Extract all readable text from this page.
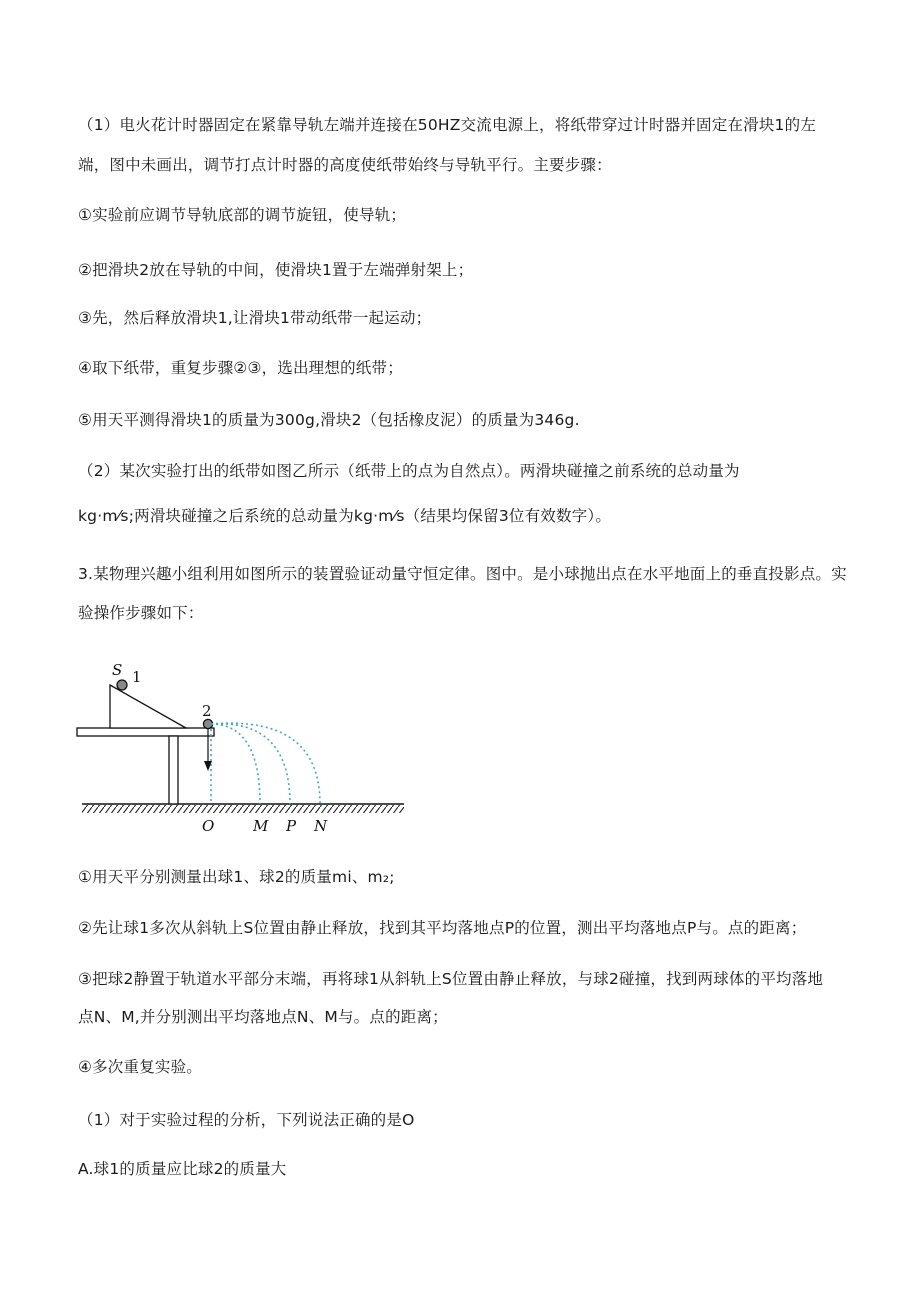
（1）电火花计时器固定在紧靠导轨左端并连接在50HZ交流电源上，将纸带穿过计时器并固定在滑块1的左

端，图中未画出，调节打点计时器的高度使纸带始终与导轨平行。主要步骤：

①实验前应调节导轨底部的调节旋钮，使导轨；

②把滑块2放在导轨的中间，使滑块1置于左端弹射架上；

③先，然后释放滑块1,让滑块1带动纸带一起运动；

④取下纸带，重复步骤②③，选出理想的纸带；

⑤用天平测得滑块1的质量为300g,滑块2（包括橡皮泥）的质量为346g.

（2）某次实验打出的纸带如图乙所示（纸带上的点为自然点）。两滑块碰撞之前系统的总动量为

kg·m⁄s;两滑块碰撞之后系统的总动量为kg·m⁄s（结果均保留3位有效数字）。

3.某物理兴趣小组利用如图所示的装置验证动量守恒定律。图中。是小球抛出点在水平地面上的垂直投影点。实

验操作步骤如下：

S 1
2
O	M P N

①用天平分别测量出球1、球2的质量mi、m₂;

②先让球1多次从斜轨上S位置由静止释放，找到其平均落地点P的位置，测出平均落地点P与。点的距离；

③把球2静置于轨道水平部分末端，再将球1从斜轨上S位置由静止释放，与球2碰撞，找到两球体的平均落地

点Ν、M,并分别测出平均落地点N、M与。点的距离；

④多次重复实验。

（1）对于实验过程的分析，下列说法正确的是O

A.球1的质量应比球2的质量大
